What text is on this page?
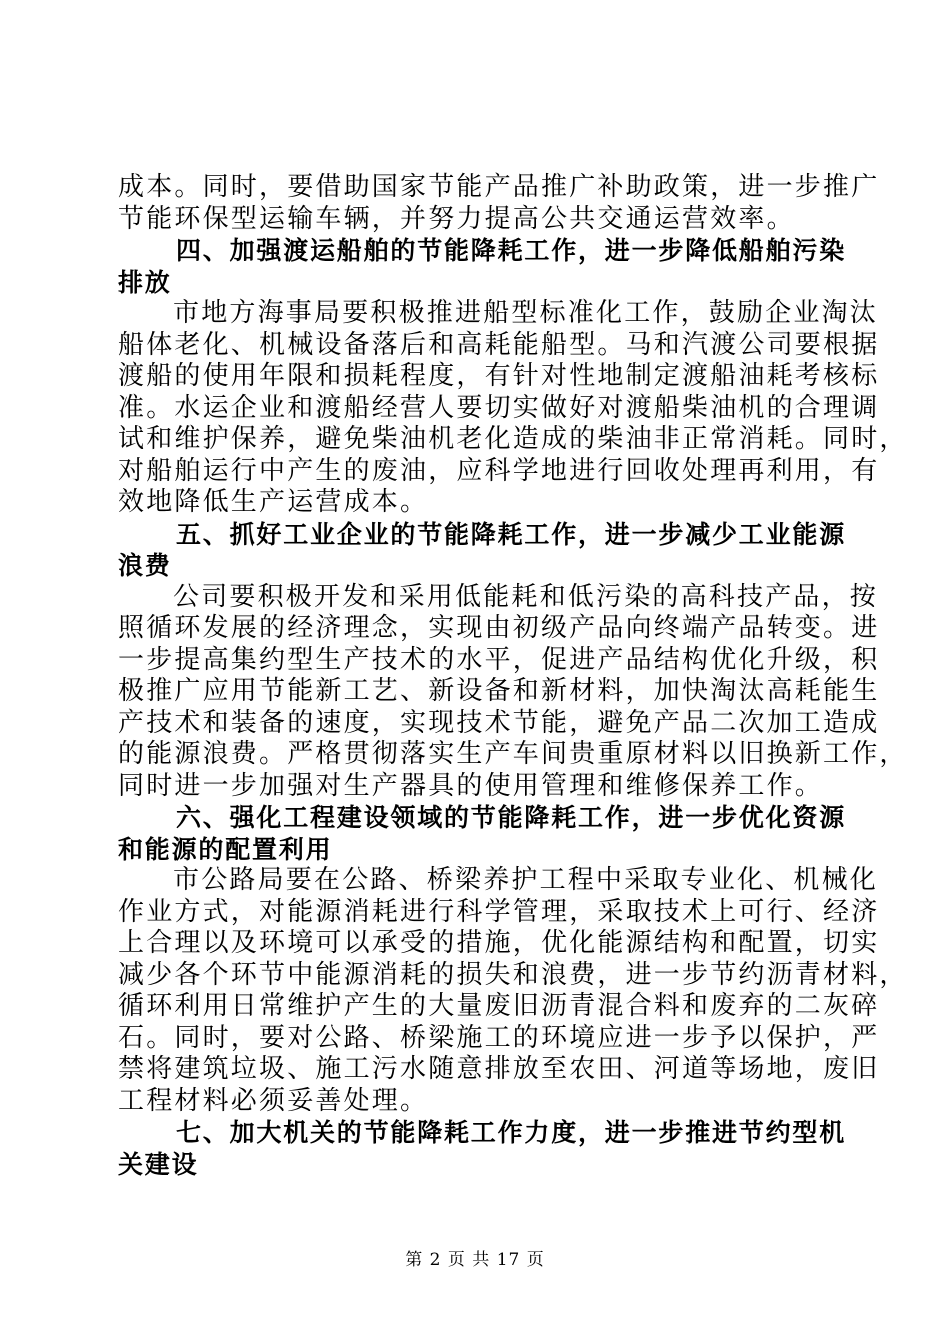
成本。同时，要借助国家节能产品推广补助政策，进一步推广
节能环保型运输车辆，并努力提高公共交通运营效率。
四、加强渡运船舶的节能降耗工作，进一步降低船舶污染
排放
市地方海事局要积极推进船型标准化工作，鼓励企业淘汰
船体老化、机械设备落后和高耗能船型。马和汽渡公司要根据
渡船的使用年限和损耗程度，有针对性地制定渡船油耗考核标
准。水运企业和渡船经营人要切实做好对渡船柴油机的合理调
试和维护保养，避免柴油机老化造成的柴油非正常消耗。同时，
对船舶运行中产生的废油，应科学地进行回收处理再利用，有
效地降低生产运营成本。
五、抓好工业企业的节能降耗工作，进一步减少工业能源
浪费
公司要积极开发和采用低能耗和低污染的高科技产品，按
照循环发展的经济理念，实现由初级产品向终端产品转变。进
一步提高集约型生产技术的水平，促进产品结构优化升级，积
极推广应用节能新工艺、新设备和新材料，加快淘汰高耗能生
产技术和装备的速度，实现技术节能，避免产品二次加工造成
的能源浪费。严格贯彻落实生产车间贵重原材料以旧换新工作，
同时进一步加强对生产器具的使用管理和维修保养工作。
六、强化工程建设领域的节能降耗工作，进一步优化资源
和能源的配置利用
市公路局要在公路、桥梁养护工程中采取专业化、机械化
作业方式，对能源消耗进行科学管理，采取技术上可行、经济
上合理以及环境可以承受的措施，优化能源结构和配置，切实
减少各个环节中能源消耗的损失和浪费，进一步节约沥青材料，
循环利用日常维护产生的大量废旧沥青混合料和废弃的二灰碎
石。同时，要对公路、桥梁施工的环境应进一步予以保护，严
禁将建筑垃圾、施工污水随意排放至农田、河道等场地，废旧
工程材料必须妥善处理。
七、加大机关的节能降耗工作力度，进一步推进节约型机
关建设
第 2 页 共 17 页
